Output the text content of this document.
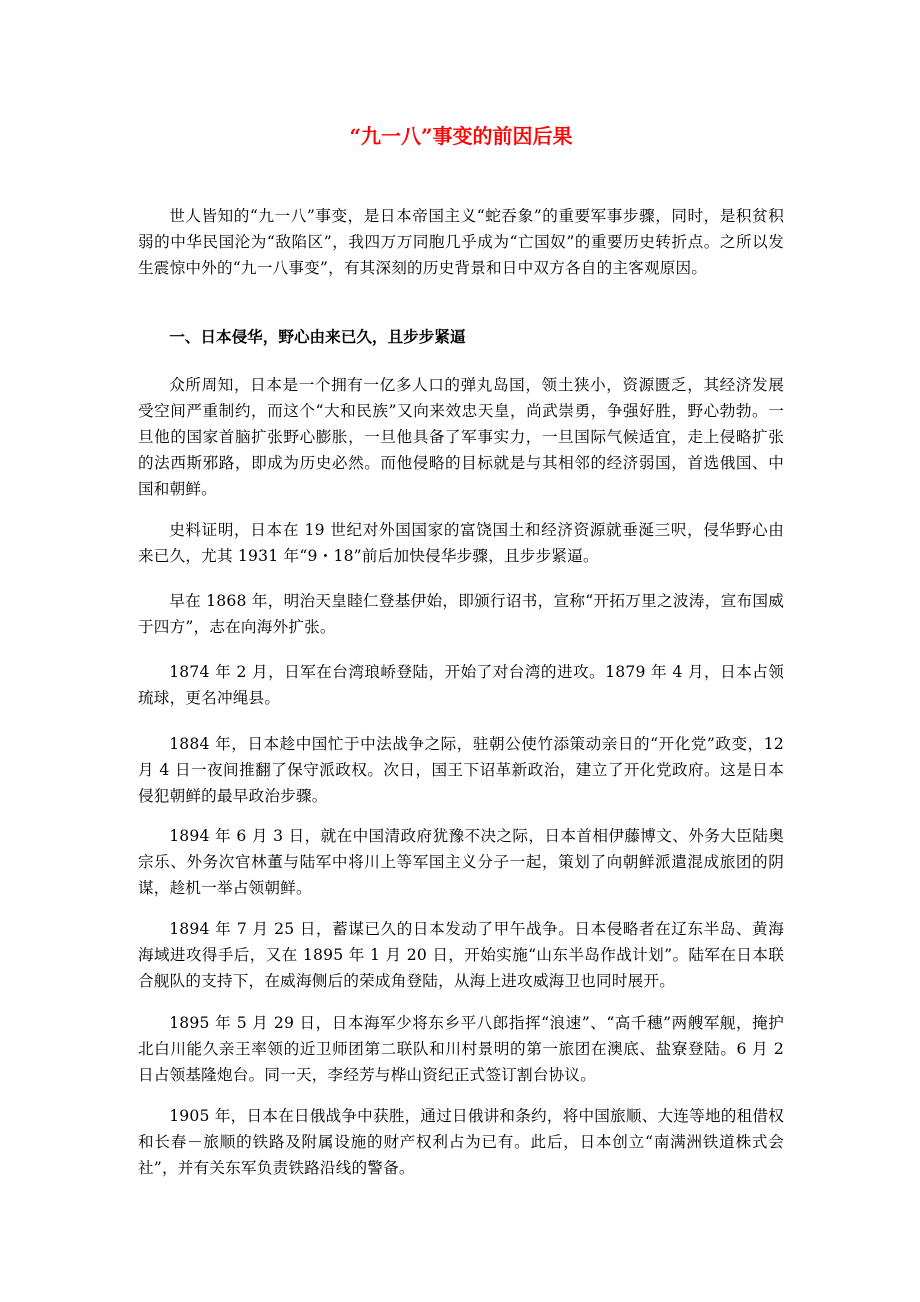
“九一八”事变的前因后果

世人皆知的“九一八”事变，是日本帝国主义“蛇吞象”的重要军事步骤，同时，是积贫积弱的中华民国沦为“敌陷区”，我四万万同胞几乎成为“亡国奴”的重要历史转折点。之所以发生震惊中外的“九一八事变”，有其深刻的历史背景和日中双方各自的主客观原因。

一、日本侵华，野心由来已久，且步步紧逼

众所周知，日本是一个拥有一亿多人口的弹丸岛国，领土狭小，资源匮乏，其经济发展受空间严重制约，而这个“大和民族”又向来效忠天皇，尚武崇勇，争强好胜，野心勃勃。一旦他的国家首脑扩张野心膨胀，一旦他具备了军事实力，一旦国际气候适宜，走上侵略扩张的法西斯邪路，即成为历史必然。而他侵略的目标就是与其相邻的经济弱国，首选俄国、中国和朝鲜。

史料证明，日本在 19 世纪对外国国家的富饶国土和经济资源就垂涎三呎，侵华野心由来已久，尤其 1931 年“9・18”前后加快侵华步骤，且步步紧逼。

早在 1868 年，明治天皇睦仁登基伊始，即颁行诏书，宣称“开拓万里之波涛，宣布国威于四方”，志在向海外扩张。

1874 年 2 月，日军在台湾琅峤登陆，开始了对台湾的进攻。1879 年 4 月，日本占领琉球，更名冲绳县。

1884 年，日本趁中国忙于中法战争之际，驻朝公使竹添策动亲日的“开化党”政变，12 月 4 日一夜间推翻了保守派政权。次日，国王下诏革新政治，建立了开化党政府。这是日本侵犯朝鲜的最早政治步骤。

1894 年 6 月 3 日，就在中国清政府犹豫不决之际，日本首相伊藤博文、外务大臣陆奥宗乐、外务次官林董与陆军中将川上等军国主义分子一起，策划了向朝鲜派遣混成旅团的阴谋，趁机一举占领朝鲜。

1894 年 7 月 25 日，蓄谋已久的日本发动了甲午战争。日本侵略者在辽东半岛、黄海海域进攻得手后，又在 1895 年 1 月 20 日，开始实施“山东半岛作战计划”。陆军在日本联合舰队的支持下，在威海侧后的荣成角登陆，从海上进攻威海卫也同时展开。

1895 年 5 月 29 日，日本海军少将东乡平八郎指挥“浪速”、“高千穗”两艘军舰，掩护北白川能久亲王率领的近卫师团第二联队和川村景明的第一旅团在澳底、盐寮登陆。6 月 2 日占领基隆炮台。同一天，李经芳与桦山资纪正式签订割台协议。

1905 年，日本在日俄战争中获胜，通过日俄讲和条约，将中国旅顺、大连等地的租借权和长春－旅顺的铁路及附属设施的财产权利占为已有。此后，日本创立“南满洲铁道株式会社”，并有关东军负责铁路沿线的警备。
